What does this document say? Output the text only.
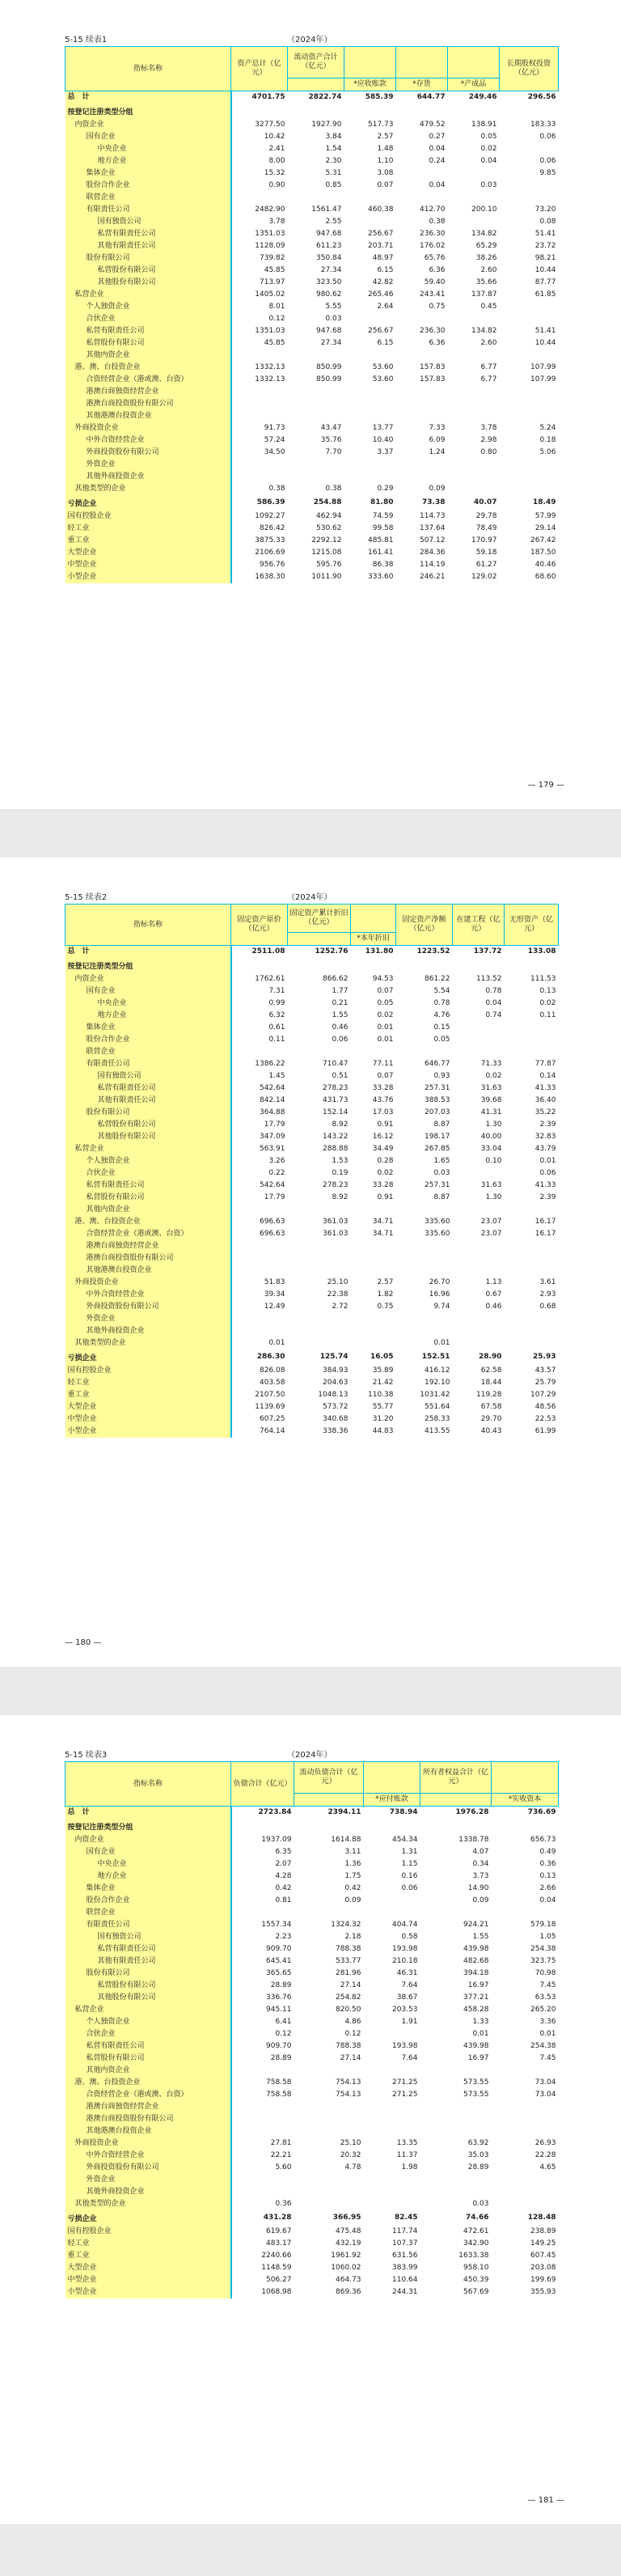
5-15 续表1	（2024年）
指标名称	资产总计（亿元）	流动资产合计（亿元）				长期股权投资（亿元）
			*应收账款	*存货	*产成品	
总　计	4701.75	2822.74	585.39	644.77	249.46	296.56
按登记注册类型分组						
内资企业	3277.50	1927.90	517.73	479.52	138.91	183.33
国有企业	10.42	3.84	2.57	0.27	0.05	0.06
中央企业	2.41	1.54	1.48	0.04	0.02	
地方企业	8.00	2.30	1.10	0.24	0.04	0.06
集体企业	15.32	5.31	3.08			9.85
股份合作企业	0.90	0.85	0.07	0.04	0.03	
联营企业						
有限责任公司	2482.90	1561.47	460.38	412.70	200.10	73.20
国有独资公司	3.78	2.55		0.38		0.08
私营有限责任公司	1351.03	947.68	256.67	236.30	134.82	51.41
其他有限责任公司	1128.09	611.23	203.71	176.02	65.29	23.72
股份有限公司	739.82	350.84	48.97	65.76	38.26	98.21
私营股份有限公司	45.85	27.34	6.15	6.36	2.60	10.44
其他股份有限公司	713.97	323.50	42.82	59.40	35.66	87.77
私营企业	1405.02	980.62	265.46	243.41	137.87	61.85
个人独资企业	8.01	5.55	2.64	0.75	0.45	
合伙企业	0.12	0.03				
私营有限责任公司	1351.03	947.68	256.67	236.30	134.82	51.41
私营股份有限公司	45.85	27.34	6.15	6.36	2.60	10.44
其他内资企业						
港、澳、台投资企业	1332.13	850.99	53.60	157.83	6.77	107.99
合资经营企业（港或澳、台资）	1332.13	850.99	53.60	157.83	6.77	107.99
港澳台商独资经营企业						
港澳台商投资股份有限公司						
其他港澳台投资企业						
外商投资企业	91.73	43.47	13.77	7.33	3.78	5.24
中外合资经营企业	57.24	35.76	10.40	6.09	2.98	0.18
外商投资股份有限公司	34.50	7.70	3.37	1.24	0.80	5.06
外资企业						
其他外商投资企业						
其他类型的企业	0.38	0.38	0.29	0.09		
亏损企业	586.39	254.88	81.80	73.38	40.07	18.49
国有控股企业	1092.27	462.94	74.59	114.73	29.78	57.99
轻工业	826.42	530.62	99.58	137.64	78.49	29.14
重工业	3875.33	2292.12	485.81	507.12	170.97	267.42
大型企业	2106.69	1215.08	161.41	284.36	59.18	187.50
中型企业	956.76	595.76	86.38	114.19	61.27	40.46
小型企业	1638.30	1011.90	333.60	246.21	129.02	68.60
— 179 —
5-15 续表2	（2024年）
指标名称	固定资产原价（亿元）	固定资产累计折旧（亿元）		固定资产净额（亿元）	在建工程（亿元）	无形资产（亿元）
			*本年折旧			
总　计	2511.08	1252.76	131.80	1223.52	137.72	133.08
按登记注册类型分组						
内资企业	1762.61	866.62	94.53	861.22	113.52	111.53
国有企业	7.31	1.77	0.07	5.54	0.78	0.13
中央企业	0.99	0.21	0.05	0.78	0.04	0.02
地方企业	6.32	1.55	0.02	4.76	0.74	0.11
集体企业	0.61	0.46	0.01	0.15		
股份合作企业	0.11	0.06	0.01	0.05		
联营企业						
有限责任公司	1386.22	710.47	77.11	646.77	71.33	77.87
国有独资公司	1.45	0.51	0.07	0.93	0.02	0.14
私营有限责任公司	542.64	278.23	33.28	257.31	31.63	41.33
其他有限责任公司	842.14	431.73	43.76	388.53	39.68	36.40
股份有限公司	364.88	152.14	17.03	207.03	41.31	35.22
私营股份有限公司	17.79	8.92	0.91	8.87	1.30	2.39
其他股份有限公司	347.09	143.22	16.12	198.17	40.00	32.83
私营企业	563.91	288.88	34.49	267.85	33.04	43.79
个人独资企业	3.26	1.53	0.28	1.65	0.10	0.01
合伙企业	0.22	0.19	0.02	0.03		0.06
私营有限责任公司	542.64	278.23	33.28	257.31	31.63	41.33
私营股份有限公司	17.79	8.92	0.91	8.87	1.30	2.39
其他内资企业						
港、澳、台投资企业	696.63	361.03	34.71	335.60	23.07	16.17
合资经营企业（港或澳、台资）	696.63	361.03	34.71	335.60	23.07	16.17
港澳台商独资经营企业						
港澳台商投资股份有限公司						
其他港澳台投资企业						
外商投资企业	51.83	25.10	2.57	26.70	1.13	3.61
中外合资经营企业	39.34	22.38	1.82	16.96	0.67	2.93
外商投资股份有限公司	12.49	2.72	0.75	9.74	0.46	0.68
外资企业						
其他外商投资企业						
其他类型的企业	0.01			0.01		
亏损企业	286.30	125.74	16.05	152.51	28.90	25.93
国有控股企业	826.08	384.93	35.89	416.12	62.58	43.57
轻工业	403.58	204.63	21.42	192.10	18.44	25.79
重工业	2107.50	1048.13	110.38	1031.42	119.28	107.29
大型企业	1139.69	573.72	55.77	551.64	67.58	48.56
中型企业	607.25	340.68	31.20	258.33	29.70	22.53
小型企业	764.14	338.36	44.83	413.55	40.43	61.99
— 180 —
5-15 续表3	（2024年）
指标名称	负债合计（亿元）	流动负债合计（亿元）		所有者权益合计（亿元）	
			*应付账款		*实收资本
总　计	2723.84	2394.11	738.94	1976.28	736.69
按登记注册类型分组					
内资企业	1937.09	1614.88	454.34	1338.78	656.73
国有企业	6.35	3.11	1.31	4.07	0.49
中央企业	2.07	1.36	1.15	0.34	0.36
地方企业	4.28	1.75	0.16	3.73	0.13
集体企业	0.42	0.42	0.06	14.90	2.66
股份合作企业	0.81	0.09		0.09	0.04
联营企业					
有限责任公司	1557.34	1324.32	404.74	924.21	579.18
国有独资公司	2.23	2.18	0.58	1.55	1.05
私营有限责任公司	909.70	788.38	193.98	439.98	254.38
其他有限责任公司	645.41	533.77	210.18	482.68	323.75
股份有限公司	365.65	281.96	46.31	394.18	70.98
私营股份有限公司	28.89	27.14	7.64	16.97	7.45
其他股份有限公司	336.76	254.82	38.67	377.21	63.53
私营企业	945.11	820.50	203.53	458.28	265.20
个人独资企业	6.41	4.86	1.91	1.33	3.36
合伙企业	0.12	0.12		0.01	0.01
私营有限责任公司	909.70	788.38	193.98	439.98	254.38
私营股份有限公司	28.89	27.14	7.64	16.97	7.45
其他内资企业					
港、澳、台投资企业	758.58	754.13	271.25	573.55	73.04
合资经营企业（港或澳、台资）	758.58	754.13	271.25	573.55	73.04
港澳台商独资经营企业					
港澳台商投资股份有限公司					
其他港澳台投资企业					
外商投资企业	27.81	25.10	13.35	63.92	26.93
中外合资经营企业	22.21	20.32	11.37	35.03	22.28
外商投资股份有限公司	5.60	4.78	1.98	28.89	4.65
外资企业					
其他外商投资企业					
其他类型的企业	0.36			0.03	
亏损企业	431.28	366.95	82.45	74.66	128.48
国有控股企业	619.67	475.48	117.74	472.61	238.89
轻工业	483.17	432.19	107.37	342.90	149.25
重工业	2240.66	1961.92	631.56	1633.38	607.45
大型企业	1148.59	1060.02	383.99	958.10	203.08
中型企业	506.27	464.73	110.64	450.39	199.69
小型企业	1068.98	869.36	244.31	567.69	355.93
— 181 —
